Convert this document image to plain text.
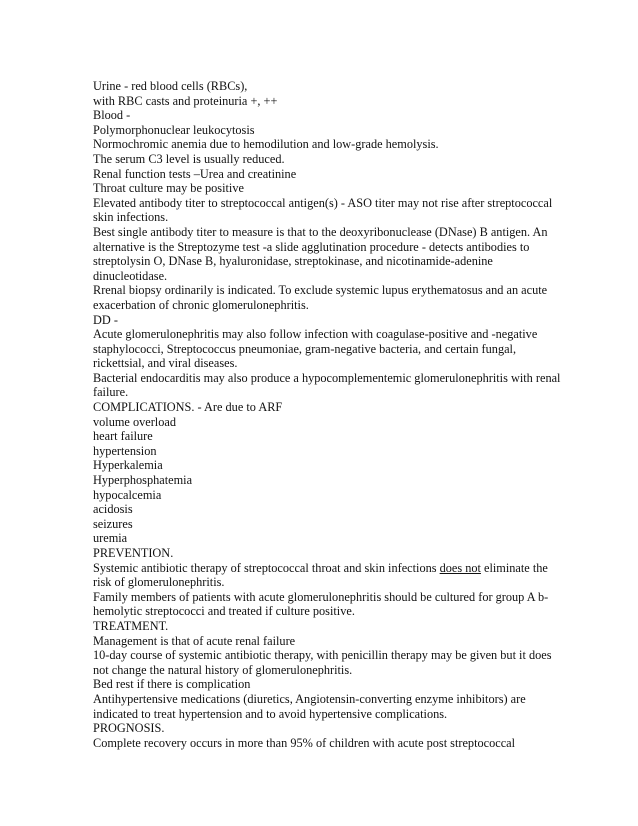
Urine - red blood cells (RBCs),
with RBC casts and proteinuria +, ++
Blood -
Polymorphonuclear leukocytosis
Normochromic anemia due to hemodilution and low-grade hemolysis.
The serum C3 level is usually reduced.
Renal function tests –Urea and creatinine
Throat culture may be positive
Elevated antibody titer to streptococcal antigen(s) - ASO titer may not rise after streptococcal
skin infections.
Best single antibody titer to measure is that to the deoxyribonuclease (DNase) B antigen. An
alternative is the Streptozyme test -a slide agglutination procedure - detects antibodies to
streptolysin O, DNase B, hyaluronidase, streptokinase, and nicotinamide-adenine
dinucleotidase.
Rrenal biopsy ordinarily is indicated. To exclude systemic lupus erythematosus and an acute
exacerbation of chronic glomerulonephritis.
DD -
Acute glomerulonephritis may also follow infection with coagulase-positive and -negative
staphylococci, Streptococcus pneumoniae, gram-negative bacteria, and certain fungal,
rickettsial, and viral diseases.
Bacterial endocarditis may also produce a hypocomplementemic glomerulonephritis with renal
failure.
COMPLICATIONS. - Are due to ARF
volume overload
heart failure
hypertension
Hyperkalemia
Hyperphosphatemia
hypocalcemia
acidosis
seizures
uremia
PREVENTION.
Systemic antibiotic therapy of streptococcal throat and skin infections does not eliminate the
risk of glomerulonephritis.
Family members of patients with acute glomerulonephritis should be cultured for group A b-
hemolytic streptococci and treated if culture positive.
TREATMENT.
Management is that of acute renal failure
10-day course of systemic antibiotic therapy, with penicillin therapy may be given but it does
not change the natural history of glomerulonephritis.
Bed rest if there is complication
Antihypertensive medications (diuretics, Angiotensin-converting enzyme inhibitors) are
indicated to treat hypertension and to avoid hypertensive complications.
PROGNOSIS.
Complete recovery occurs in more than 95% of children with acute post streptococcal
